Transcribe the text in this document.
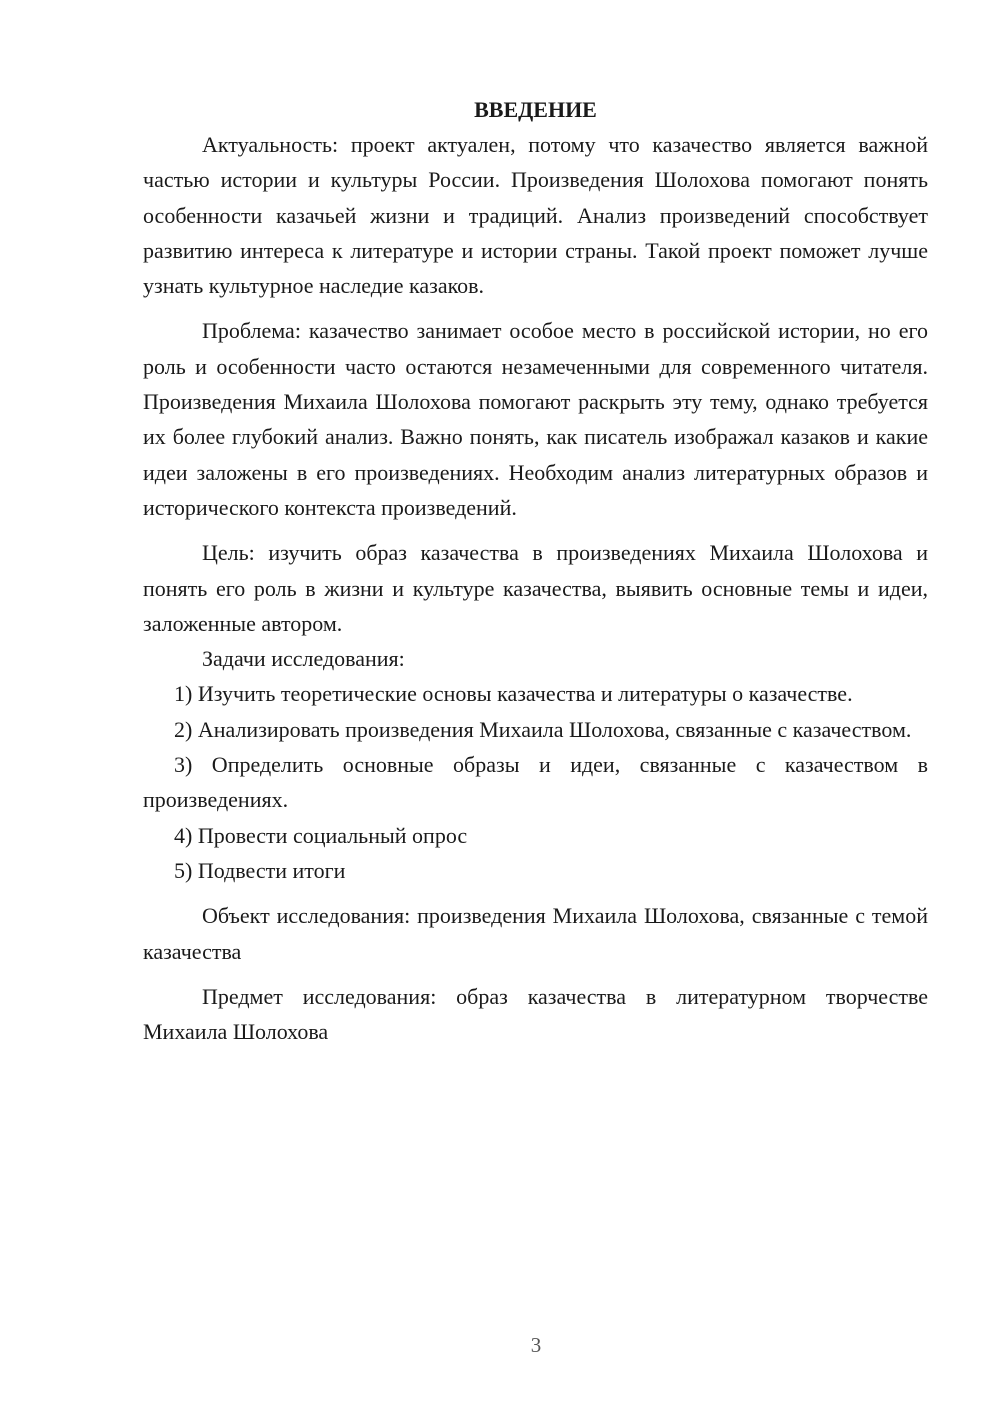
ВВЕДЕНИЕ

Актуальность: проект актуален, потому что казачество является важной частью истории и культуры России. Произведения Шолохова помогают понять особенности казачьей жизни и традиций. Анализ произведений способствует развитию интереса к литературе и истории страны. Такой проект поможет лучше узнать культурное наследие казаков.

Проблема: казачество занимает особое место в российской истории, но его роль и особенности часто остаются незамеченными для современного читателя. Произведения Михаила Шолохова помогают раскрыть эту тему, однако требуется их более глубокий анализ. Важно понять, как писатель изображал казаков и какие идеи заложены в его произведениях. Необходим анализ литературных образов и исторического контекста произведений.

Цель: изучить образ казачества в произведениях Михаила Шолохова и понять его роль в жизни и культуре казачества, выявить основные темы и идеи, заложенные автором.

Задачи исследования:

1) Изучить теоретические основы казачества и литературы о казачестве.

2) Анализировать произведения Михаила Шолохова, связанные с казачеством.

3) Определить основные образы и идеи, связанные с казачеством в произведениях.

4) Провести социальный опрос

5) Подвести итоги

Объект исследования: произведения Михаила Шолохова, связанные с темой казачества

Предмет исследования: образ казачества в литературном творчестве Михаила Шолохова

3
